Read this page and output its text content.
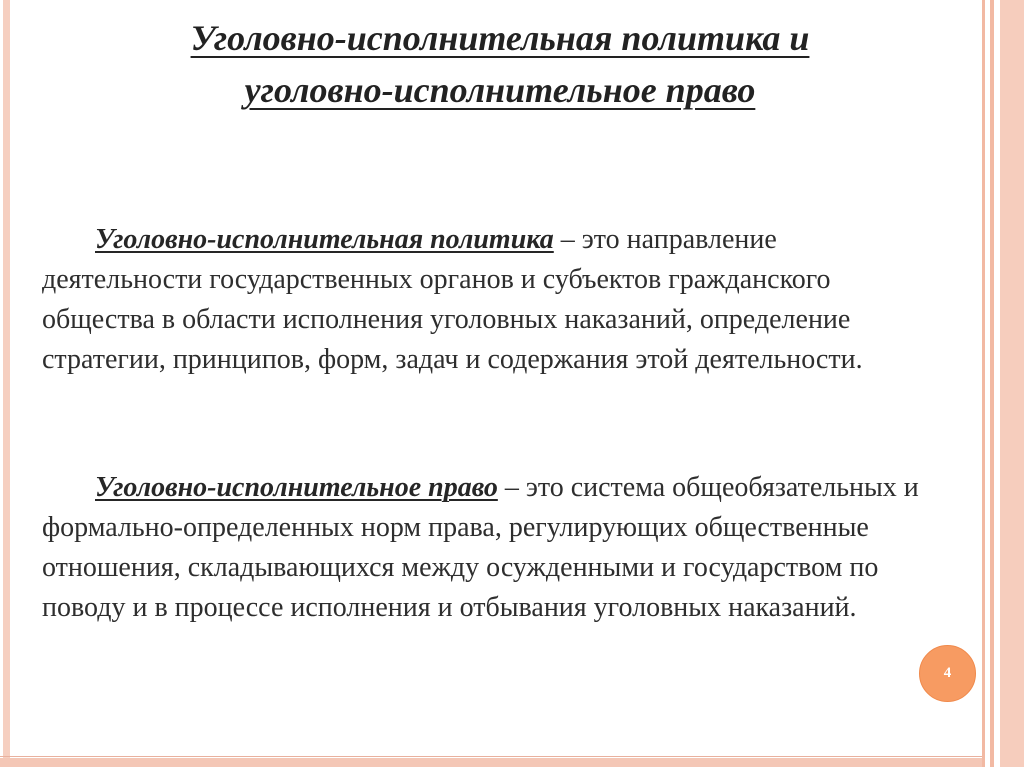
Уголовно-исполнительная политика и
уголовно-исполнительное право

Уголовно-исполнительная политика – это направление деятельности государственных органов и субъектов гражданского общества в области исполнения уголовных наказаний, определение стратегии, принципов, форм, задач и содержания этой деятельности.

Уголовно-исполнительное право – это система общеобязательных и формально-определенных норм права, регулирующих общественные отношения, складывающихся между осужденными и государством по поводу и в процессе исполнения и отбывания уголовных наказаний.

4
